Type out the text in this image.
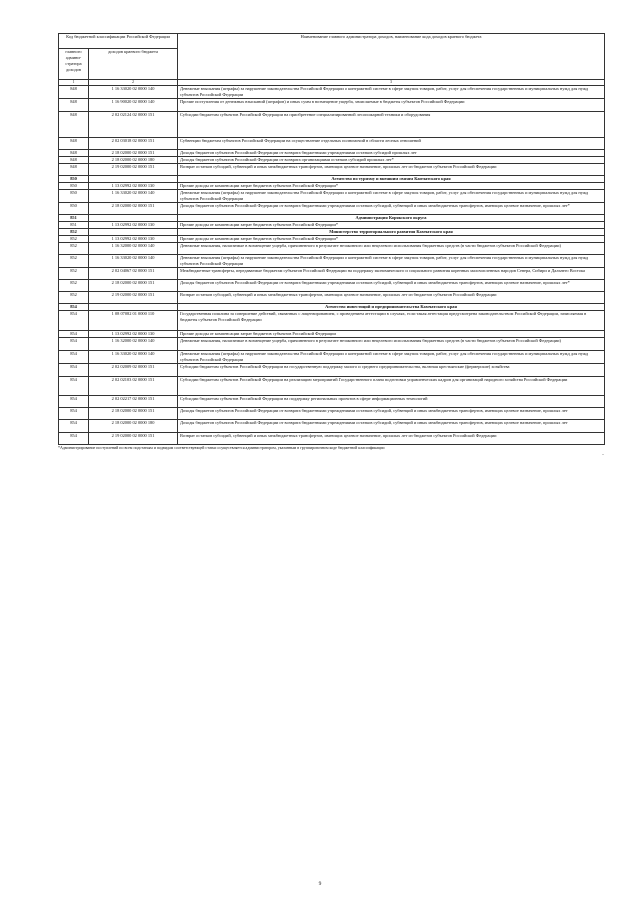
Код бюджетной классификации Российской Федерации		Наименование главного администратора доходов, наименование кода доходов краевого бюджета
главного админи-стратора доходов	доходов краевого бюджета	
1	2	3
848	1 16 33020 02 0000 140	Денежные взыскания (штрафы) за нарушение законодательства Российской Федерации о контрактной системе в сфере закупок товаров, работ, услуг для обеспечения государственных и муниципальных нужд для нужд субъектов Российской Федерации
848	1 16 90020 02 0000 140	Прочие поступления от денежных взысканий (штрафов) и иных сумм в возмещение ущерба, зачисляемые в бюджеты субъектов Российской Федерации
848	2 02 02124 02 0000 151	Субсидии бюджетам субъектов Российской Федерации на приобретение специализированной лесопожарной техники и оборудования
848	2 02 03018 02 0000 151	Субвенции бюджетам субъектов Российской Федерации на осуществление отдельных полномочий в области лесных отношений
848	2 18 02000 02 0000 151	Доходы бюджетов субъектов Российской Федерации от возврата бюджетными учреждениями остатков субсидий прошлых лет
848	2 18 02000 02 0000 180	Доходы бюджетов субъектов Российской Федерации от возврата организациями остатков субсидий прошлых лет*
848	2 19 02000 02 0000 151	Возврат остатков субсидий, субвенций и иных межбюджетных трансфертов, имеющих целевое назначение, прошлых лет из бюджетов субъектов Российской Федерации
850		Агентство по туризму и внешним связям Камчатского края
850	1 13 02992 02 0000 130	Прочие доходы от компенсации затрат бюджетов субъектов Российской Федерации*
850	1 16 33020 02 0000 140	Денежные взыскания (штрафы) за нарушение законодательства Российской Федерации о контрактной системе в сфере закупок товаров, работ, услуг для обеспечения государственных и муниципальных нужд для нужд субъектов Российской Федерации
850	2 18 02000 02 0000 151	Доходы бюджетов субъектов Российской Федерации от возврата бюджетными учреждениями остатков субсидий, субвенций и иных межбюджетных трансфертов, имеющих целевое назначение, прошлых лет*
851		Администрация Корякского округа
851	1 13 02992 02 0000 130	Прочие доходы от компенсации затрат бюджетов субъектов Российской Федерации*
852		Министерство территориального развития Камчатского края
852	1 13 02992 02 0000 130	Прочие доходы от компенсации затрат бюджетов субъектов Российской Федерации*
852	1 16 32000 02 0000 140	Денежные взыскания, налагаемые в возмещение ущерба, причиненного в результате незаконного или нецелевого использования бюджетных средств (в части бюджетов субъектов Российской Федерации)
852	1 16 33020 02 0000 140	Денежные взыскания (штрафы) за нарушение законодательства Российской Федерации о контрактной системе в сфере закупок товаров, работ, услуг для обеспечения государственных и муниципальных нужд для нужд субъектов Российской Федерации
852	2 02 04067 02 0000 151	Межбюджетные трансферты, передаваемые бюджетам субъектов Российской Федерации на поддержку экономического и социального развития коренных малочисленных народов Севера, Сибири и Дальнего Востока
852	2 18 02000 02 0000 151	Доходы бюджетов субъектов Российской Федерации от возврата бюджетными учреждениями остатков субсидий, субвенций и иных межбюджетных трансфертов, имеющих целевое назначение, прошлых лет*
852	2 19 02000 02 0000 151	Возврат остатков субсидий, субвенций и иных межбюджетных трансфертов, имеющих целевое назначение, прошлых лет из бюджетов субъектов Российской Федерации
854		Агентство инвестиций и предпринимательства Камчатского края
854	1 08 07082 01 0000 110	Государственная пошлина за совершение действий, связанных с лицензированием, с проведением аттестации в случаях, если такая аттестация предусмотрена законодательством Российской Федерации, зачисляемая в бюджеты субъектов Российской Федерации
854	1 13 02992 02 0000 130	Прочие доходы от компенсации затрат бюджетов субъектов Российской Федерации
854	1 16 32000 02 0000 140	Денежные взыскания, налагаемые в возмещение ущерба, причиненного в результате незаконного или нецелевого использования бюджетных средств (в части бюджетов субъектов Российской Федерации)
854	1 16 33020 02 0000 140	Денежные взыскания (штрафы) за нарушение законодательства Российской Федерации о контрактной системе в сфере закупок товаров, работ, услуг для обеспечения государственных и муниципальных нужд для нужд субъектов Российской Федерации
854	2 02 02009 02 0000 151	Субсидии бюджетам субъектов Российской Федерации на государственную поддержку малого и среднего предпринимательства, включая крестьянские (фермерские) хозяйства
854	2 02 02103 02 0000 151	Субсидии бюджетам субъектов Российской Федерации на реализацию мероприятий Государственного плана подготовки управленческих кадров для организаций народного хозяйства Российской Федерации
854	2 02 02217 02 0000 151	Субсидии бюджетам субъектов Российской Федерации на поддержку региональных проектов в сфере информационных технологий
854	2 18 02000 02 0000 151	Доходы бюджетов субъектов Российской Федерации от возврата бюджетными учреждениями остатков субсидий, субвенций и иных межбюджетных трансфертов, имеющих целевое назначение, прошлых лет
854	2 18 02000 02 0000 180	Доходы бюджетов субъектов Российской Федерации от возврата бюджетными учреждениями остатков субсидий, субвенций и иных межбюджетных трансфертов, имеющих целевое назначение, прошлых лет
854	2 19 02000 02 0000 151	Возврат остатков субсидий, субвенций и иных межбюджетных трансфертов, имеющих целевое назначение, прошлых лет из бюджетов субъектов Российской Федерации
*Администрирование поступлений по всем подстатьям и подвидам соответствующей статьи осуществляется администратором, указанным в группировочном коде бюджетной классификации
–
9
